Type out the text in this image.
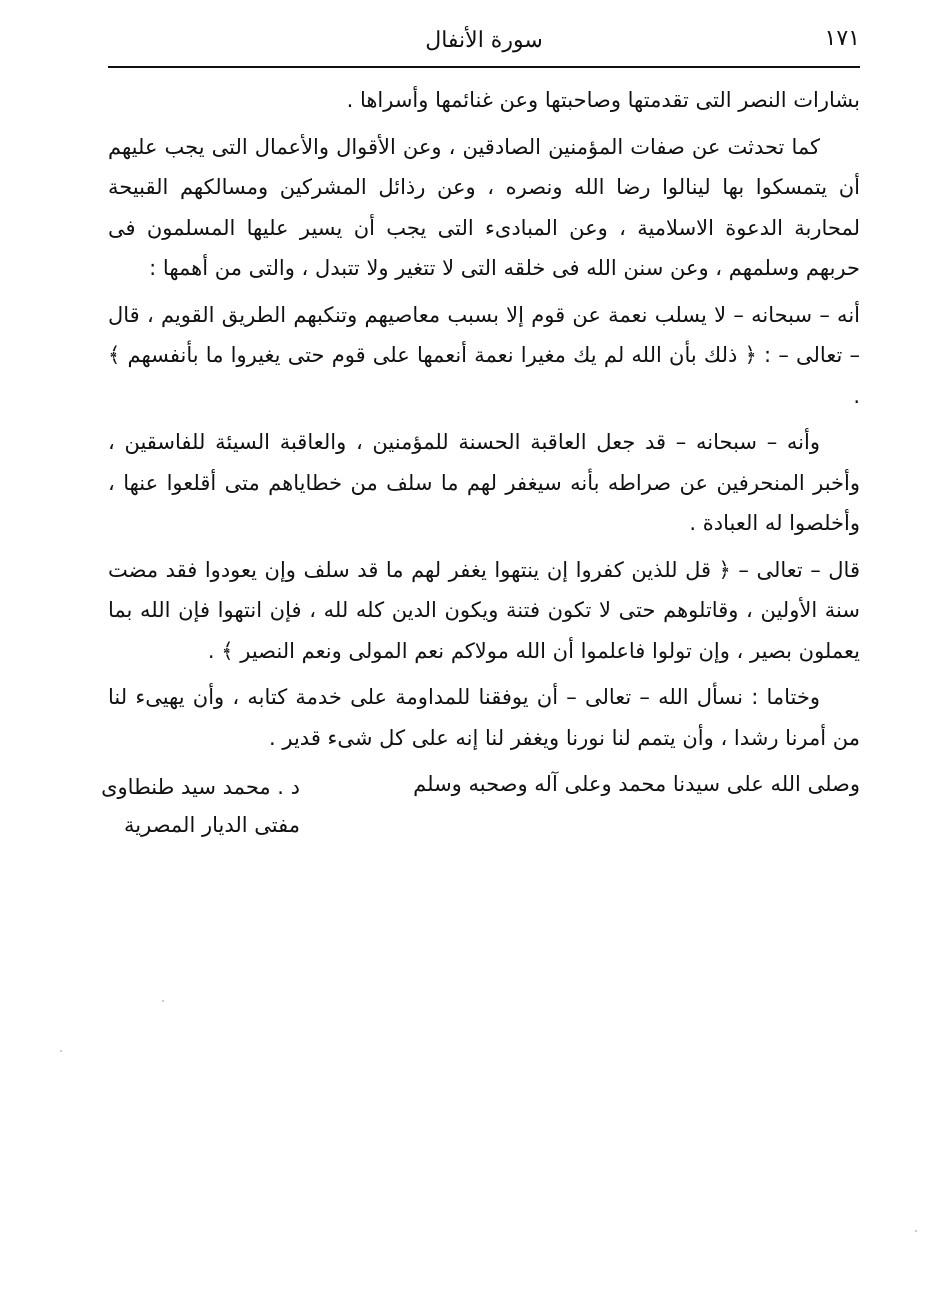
١٧١
سورة الأنفال

بشارات النصر التى تقدمتها وصاحبتها وعن غنائمها وأسراها .

كما تحدثت عن صفات المؤمنين الصادقين ، وعن الأقوال والأعمال التى يجب عليهم أن يتمسكوا بها لينالوا رضا الله ونصره ، وعن رذائل المشركين ومسالكهم القبيحة لمحاربة الدعوة الاسلامية ، وعن المبادىء التى يجب أن يسير عليها المسلمون فى حربهم وسلمهم ، وعن سنن الله فى خلقه التى لا تتغير ولا تتبدل ، والتى من أهمها :

أنه – سبحانه – لا يسلب نعمة عن قوم إلا بسبب معاصيهم وتنكبهم الطريق القويم ، قال – تعالى – : ﴿ ذلك بأن الله لم يك مغيرا نعمة أنعمها على قوم حتى يغيروا ما بأنفسهم ﴾ .

وأنه – سبحانه – قد جعل العاقبة الحسنة للمؤمنين ، والعاقبة السيئة للفاسقين ، وأخبر المنحرفين عن صراطه بأنه سيغفر لهم ما سلف من خطاياهم متى أقلعوا عنها ، وأخلصوا له العبادة .

قال – تعالى – ﴿ قل للذين كفروا إن ينتهوا يغفر لهم ما قد سلف وإن يعودوا فقد مضت سنة الأولين ، وقاتلوهم حتى لا تكون فتنة ويكون الدين كله لله ، فإن انتهوا فإن الله بما يعملون بصير ، وإن تولوا فاعلموا أن الله مولاكم نعم المولى ونعم النصير ﴾ .

وختاما : نسأل الله – تعالى – أن يوفقنا للمداومة على خدمة كتابه ، وأن يهيىء لنا من أمرنا رشدا ، وأن يتمم لنا نورنا ويغفر لنا إنه على كل شىء قدير .

وصلى الله على سيدنا محمد وعلى آله وصحبه وسلم

د . محمد سيد طنطاوى
مفتى الديار المصرية
